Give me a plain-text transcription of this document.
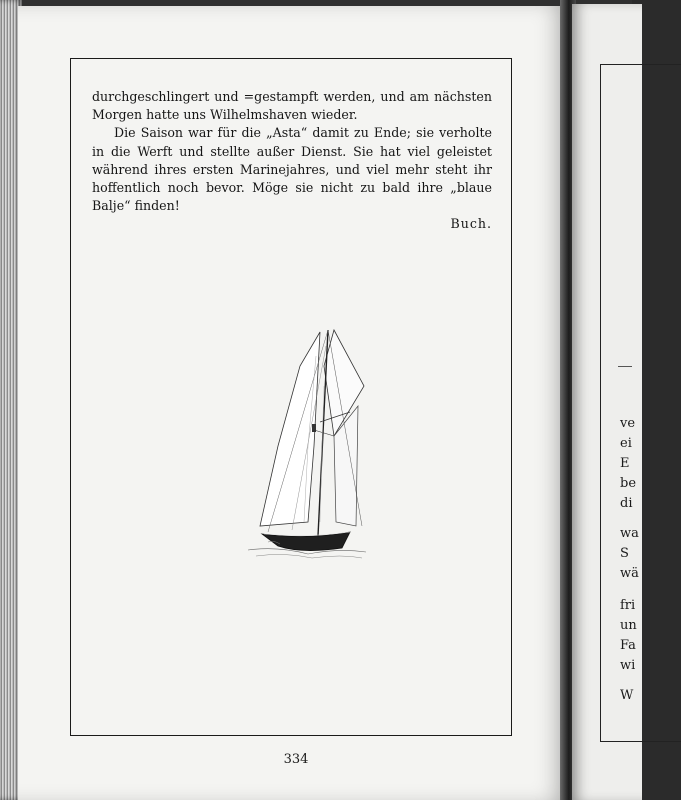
durchgeschlingert und =gestampft werden, und am nächsten Morgen hatte uns Wilhelmshaven wieder.

Die Saison war für die „Asta“ damit zu Ende; sie verholte in die Werft und stellte außer Dienst. Sie hat viel geleistet während ihres ersten Marinejahres, und viel mehr steht ihr hoffentlich noch bevor. Möge sie nicht zu bald ihre „blaue Balje“ finden!

Buch.

334
ve
ei
E
be
di
wa
S
wä
fri
un
Fa
wi
W
